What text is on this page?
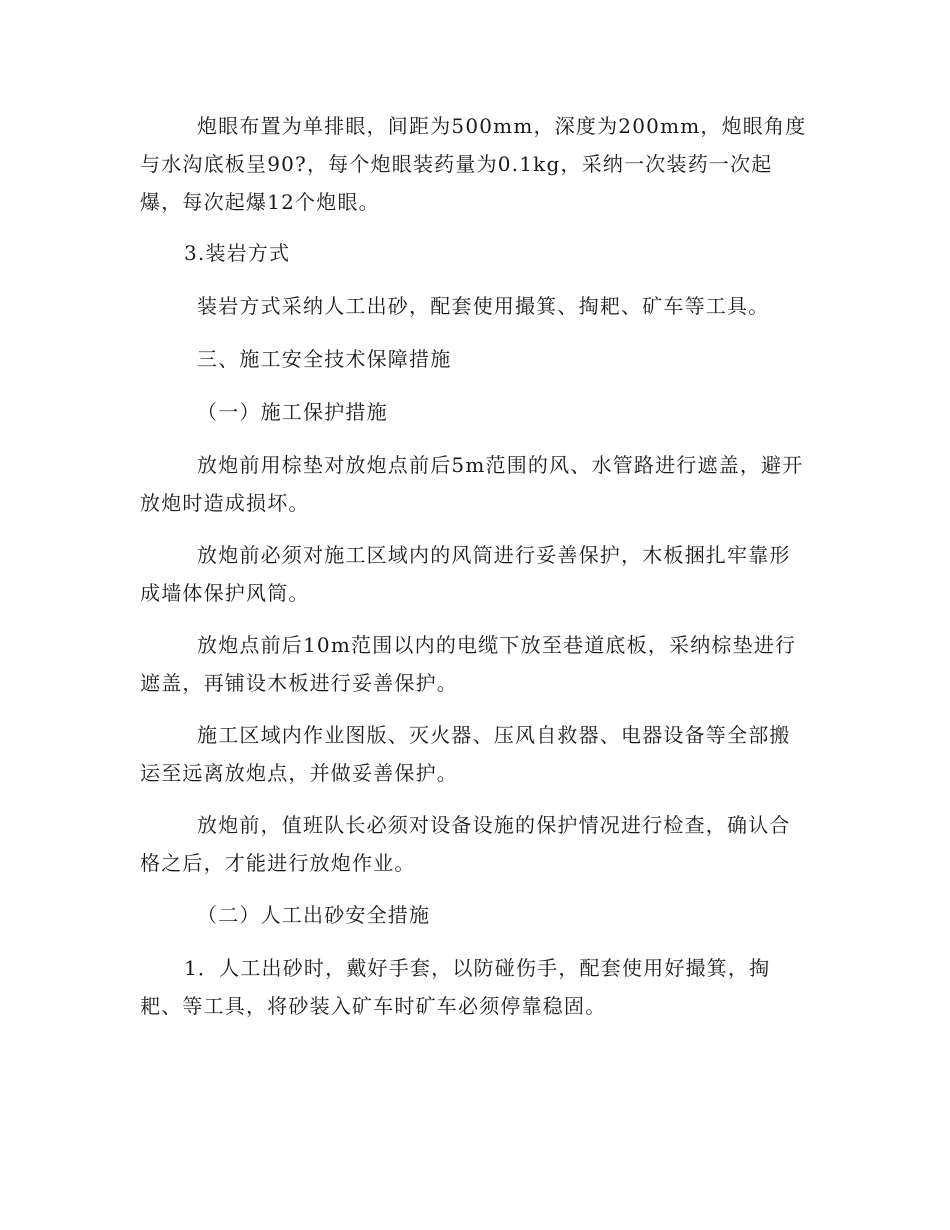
炮眼布置为单排眼，间距为500mm，深度为200mm，炮眼角度与水沟底板呈90?，每个炮眼装药量为0.1kg，采纳一次装药一次起爆，每次起爆12个炮眼。

3.装岩方式

装岩方式采纳人工出砂，配套使用撮箕、掏耙、矿车等工具。

三、施工安全技术保障措施

（一）施工保护措施

放炮前用棕垫对放炮点前后5m范围的风、水管路进行遮盖，避开放炮时造成损坏。

放炮前必须对施工区域内的风筒进行妥善保护，木板捆扎牢靠形成墙体保护风筒。

放炮点前后10m范围以内的电缆下放至巷道底板，采纳棕垫进行遮盖，再铺设木板进行妥善保护。

施工区域内作业图版、灭火器、压风自救器、电器设备等全部搬运至远离放炮点，并做妥善保护。

放炮前，值班队长必须对设备设施的保护情况进行检查，确认合格之后，才能进行放炮作业。

（二）人工出砂安全措施

1．人工出砂时，戴好手套，以防碰伤手，配套使用好撮箕，掏耙、等工具，将砂装入矿车时矿车必须停靠稳固。
